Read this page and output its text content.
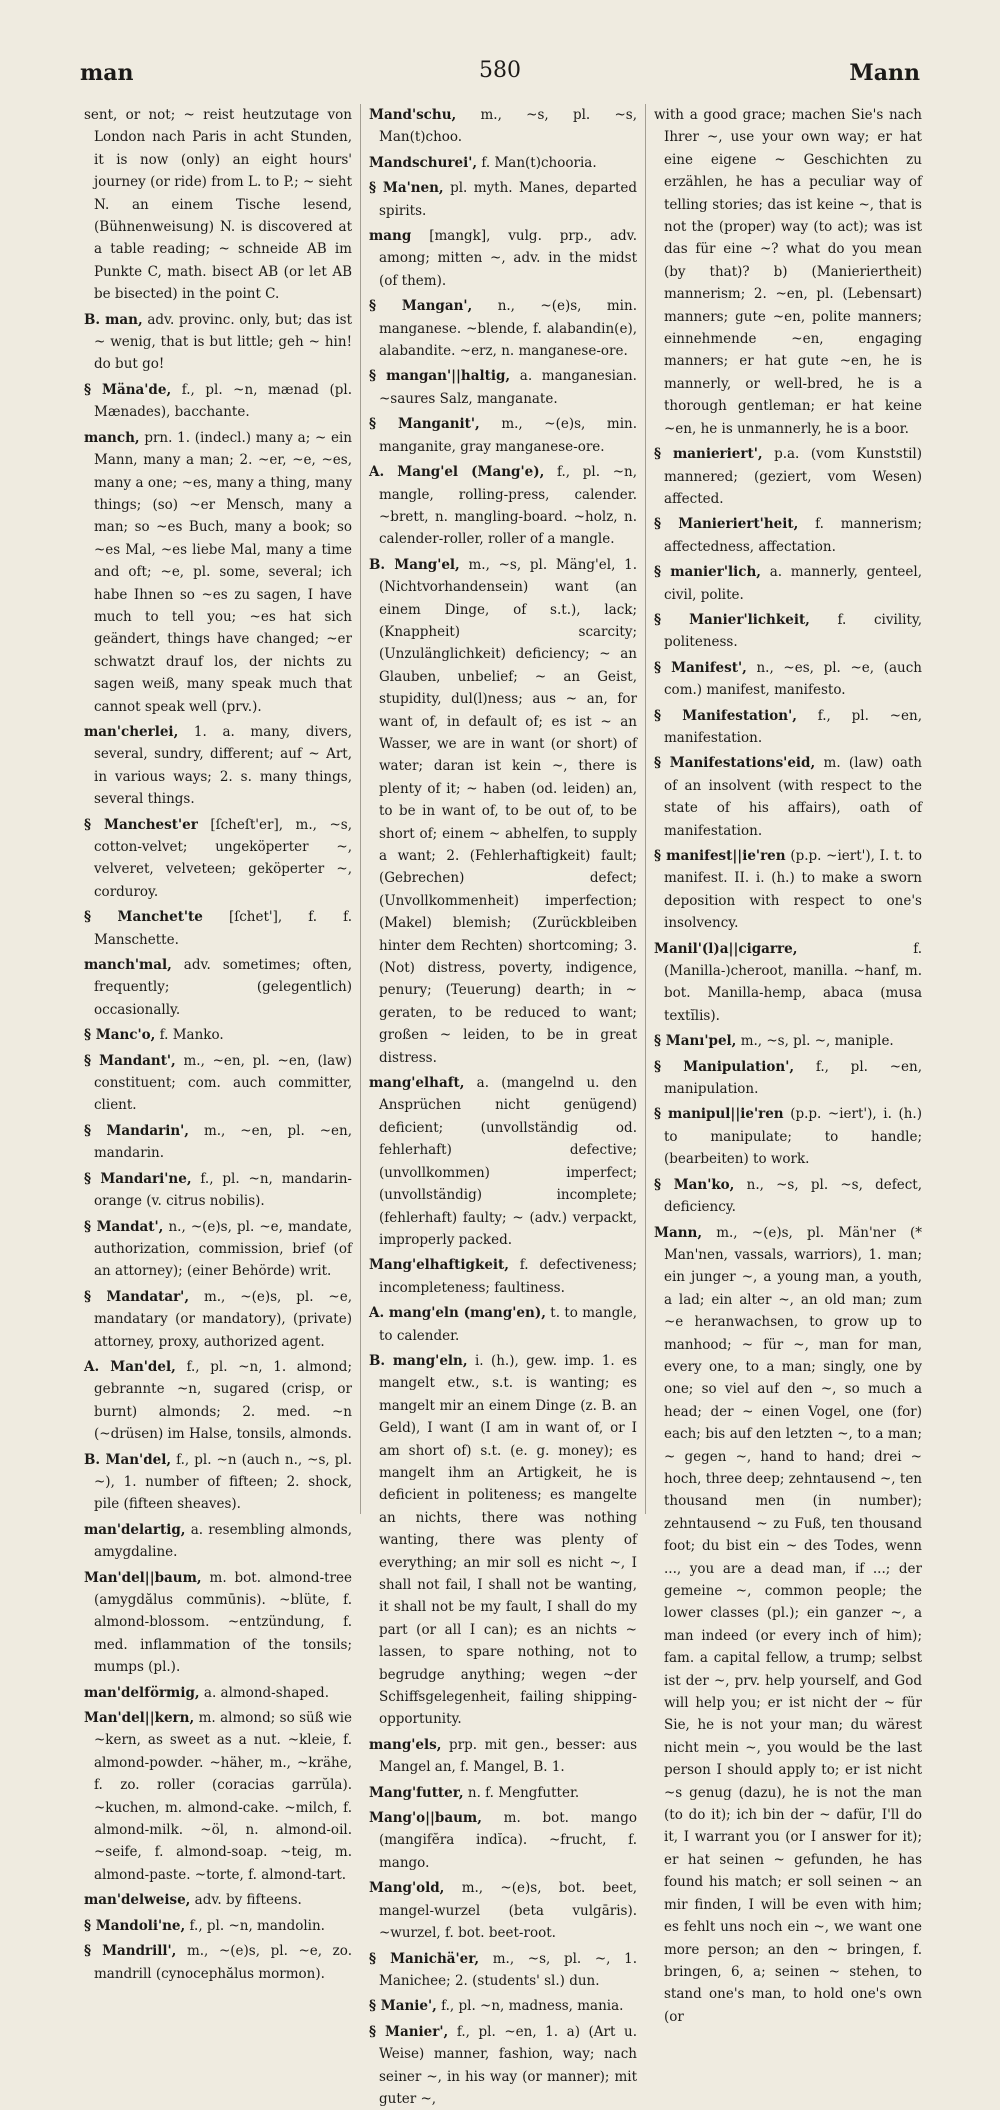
man	580	Mann

sent, or not; ~ reist heutzutage von London nach Paris in acht Stunden, it is now (only) an eight hours' journey (or ride) from L. to P.; ~ sieht N. an einem Tische lesend, (Bühnenweisung) N. is discovered at a table reading; ~ schneide AB im Punkte C, math. bisect AB (or let AB be bisected) in the point C.

B. man, adv. provinc. only, but; das ist ~ wenig, that is but little; geh ~ hin! do but go!

§ Mäna'de, f., pl. ~n, mænad (pl. Mænades), bacchante.

manch, prn. 1. (indecl.) many a; ~ ein Mann, many a man; 2. ~er, ~e, ~es, many a one; ~es, many a thing, many things; (so) ~er Mensch, many a man; so ~es Buch, many a book; so ~es Mal, ~es liebe Mal, many a time and oft; ~e, pl. some, several; ich habe Ihnen so ~es zu sagen, I have much to tell you; ~es hat sich geändert, things have changed; ~er schwatzt drauf los, der nichts zu sagen weiß, many speak much that cannot speak well (prv.).

man'cherlei, 1. a. many, divers, several, sundry, different; auf ~ Art, in various ways; 2. s. many things, several things.

§ Manchest'er [ſcheſt'er], m., ~s, cotton-velvet; ungeköperter ~, velveret, velveteen; geköperter ~, corduroy.

§ Manchet'te [ſchet'], f. f. Manschette.

manch'mal, adv. sometimes; often, frequently; (gelegentlich) occasionally.

§ Manc'o, f. Manko.

§ Mandant', m., ~en, pl. ~en, (law) constituent; com. auch committer, client.

§ Mandarin', m., ~en, pl. ~en, mandarin.

§ Mandari'ne, f., pl. ~n, mandarin-orange (v. citrus nobilis).

§ Mandat', n., ~(e)s, pl. ~e, mandate, authorization, commission, brief (of an attorney); (einer Behörde) writ.

§ Mandatar', m., ~(e)s, pl. ~e, mandatary (or mandatory), (private) attorney, proxy, authorized agent.

A. Man'del, f., pl. ~n, 1. almond; gebrannte ~n, sugared (crisp, or burnt) almonds; 2. med. ~n (~drüsen) im Halse, tonsils, almonds.

B. Man'del, f., pl. ~n (auch n., ~s, pl. ~), 1. number of fifteen; 2. shock, pile (fifteen sheaves).

man'delartig, a. resembling almonds, amygdaline.

Man'del||baum, m. bot. almond-tree (amygdălus commūnis). ~blüte, f. almond-blossom. ~entzündung, f. med. inflammation of the tonsils; mumps (pl.).

man'delförmig, a. almond-shaped.

Man'del||kern, m. almond; so süß wie ~kern, as sweet as a nut. ~kleie, f. almond-powder. ~häher, m., ~krähe, f. zo. roller (coracias garrŭla). ~kuchen, m. almond-cake. ~milch, f. almond-milk. ~öl, n. almond-oil. ~seife, f. almond-soap. ~teig, m. almond-paste. ~torte, f. almond-tart.

man'delweise, adv. by fifteens.

§ Mandoli'ne, f., pl. ~n, mandolin.

§ Mandrill', m., ~(e)s, pl. ~e, zo. mandrill (cynocephălus mormon).

Mand'schu, m., ~s, pl. ~s, Man(t)choo.

Mandschurei', f. Man(t)chooria.

§ Ma'nen, pl. myth. Manes, departed spirits.

mang [mangk], vulg. prp., adv. among; mitten ~, adv. in the midst (of them).

§ Mangan', n., ~(e)s, min. manganese. ~blende, f. alabandin(e), alabandite. ~erz, n. manganese-ore.

§ mangan'||haltig, a. manganesian. ~saures Salz, manganate.

§ Manganit', m., ~(e)s, min. manganite, gray manganese-ore.

A. Mang'el (Mang'e), f., pl. ~n, mangle, rolling-press, calender. ~brett, n. mangling-board. ~holz, n. calender-roller, roller of a mangle.

B. Mang'el, m., ~s, pl. Mäng'el, 1. (Nichtvorhandensein) want (an einem Dinge, of s.t.), lack; (Knappheit) scarcity; (Unzulänglichkeit) deficiency; ~ an Glauben, unbelief; ~ an Geist, stupidity, dul(l)ness; aus ~ an, for want of, in default of; es ist ~ an Wasser, we are in want (or short) of water; daran ist kein ~, there is plenty of it; ~ haben (od. leiden) an, to be in want of, to be out of, to be short of; einem ~ abhelfen, to supply a want; 2. (Fehlerhaftigkeit) fault; (Gebrechen) defect; (Unvollkommenheit) imperfection; (Makel) blemish; (Zurückbleiben hinter dem Rechten) shortcoming; 3. (Not) distress, poverty, indigence, penury; (Teuerung) dearth; in ~ geraten, to be reduced to want; großen ~ leiden, to be in great distress.

mang'elhaft, a. (mangelnd u. den Ansprüchen nicht genügend) deficient; (unvollständig od. fehlerhaft) defective; (unvollkommen) imperfect; (unvollständig) incomplete; (fehlerhaft) faulty; ~ (adv.) verpackt, improperly packed.

Mang'elhaftigkeit, f. defectiveness; incompleteness; faultiness.

A. mang'eln (mang'en), t. to mangle, to calender.

B. mang'eln, i. (h.), gew. imp. 1. es mangelt etw., s.t. is wanting; es mangelt mir an einem Dinge (z. B. an Geld), I want (I am in want of, or I am short of) s.t. (e. g. money); es mangelt ihm an Artigkeit, he is deficient in politeness; es mangelte an nichts, there was nothing wanting, there was plenty of everything; an mir soll es nicht ~, I shall not fail, I shall not be wanting, it shall not be my fault, I shall do my part (or all I can); es an nichts ~ lassen, to spare nothing, not to begrudge anything; wegen ~der Schiffsgelegenheit, failing shipping-opportunity.

mang'els, prp. mit gen., besser: aus Mangel an, f. Mangel, B. 1.

Mang'futter, n. f. Mengfutter.

Mang'o||baum, m. bot. mango (mangifĕra indĭca). ~frucht, f. mango.

Mang'old, m., ~(e)s, bot. beet, mangel-wurzel (beta vulgāris). ~wurzel, f. bot. beet-root.

§ Manichä'er, m., ~s, pl. ~, 1. Manichee; 2. (students' sl.) dun.

§ Manie', f., pl. ~n, madness, mania.

§ Manier', f., pl. ~en, 1. a) (Art u. Weise) manner, fashion, way; nach seiner ~, in his way (or manner); mit guter ~,

with a good grace; machen Sie's nach Ihrer ~, use your own way; er hat eine eigene ~ Geschichten zu erzählen, he has a peculiar way of telling stories; das ist keine ~, that is not the (proper) way (to act); was ist das für eine ~? what do you mean (by that)? b) (Manieriertheit) mannerism; 2. ~en, pl. (Lebensart) manners; gute ~en, polite manners; einnehmende ~en, engaging manners; er hat gute ~en, he is mannerly, or well-bred, he is a thorough gentleman; er hat keine ~en, he is unmannerly, he is a boor.

§ manieriert', p.a. (vom Kunststil) mannered; (geziert, vom Wesen) affected.

§ Manieriert'heit, f. mannerism; affectedness, affectation.

§ manier'lich, a. mannerly, genteel, civil, polite.

§ Manier'lichkeit, f. civility, politeness.

§ Manifest', n., ~es, pl. ~e, (auch com.) manifest, manifesto.

§ Manifestation', f., pl. ~en, manifestation.

§ Manifestations'eid, m. (law) oath of an insolvent (with respect to the state of his affairs), oath of manifestation.

§ manifest||ie'ren (p.p. ~iert'), I. t. to manifest. II. i. (h.) to make a sworn deposition with respect to one's insolvency.

Manil'(l)a||cigarre,	f. (Manilla-)cheroot, manilla. ~hanf, m. bot. Manilla-hemp, abaca (musa textĭlis).

§ Manı'pel, m., ~s, pl. ~, maniple.

§ Manipulation', f., pl. ~en, manipulation.

§ manipul||ie'ren (p.p. ~iert'), i. (h.) to manipulate; to handle; (bearbeiten) to work.

§ Man'ko, n., ~s, pl. ~s, defect, deficiency.

Mann, m., ~(e)s, pl. Män'ner (* Man'nen, vassals, warriors), 1. man; ein junger ~, a young man, a youth, a lad; ein alter ~, an old man; zum ~e heranwachsen, to grow up to manhood; ~ für ~, man for man, every one, to a man; singly, one by one; so viel auf den ~, so much a head; der ~ einen Vogel, one (for) each; bis auf den letzten ~, to a man; ~ gegen ~, hand to hand; drei ~ hoch, three deep; zehntausend ~, ten thousand men (in number); zehntausend ~ zu Fuß, ten thousand foot; du bist ein ~ des Todes, wenn ..., you are a dead man, if ...; der gemeine ~, common people; the lower classes (pl.); ein ganzer ~, a man indeed (or every inch of him); fam. a capital fellow, a trump; selbst ist der ~, prv. help yourself, and God will help you; er ist nicht der ~ für Sie, he is not your man; du wärest nicht mein ~, you would be the last person I should apply to; er ist nicht ~s genug (dazu), he is not the man (to do it); ich bin der ~ dafür, I'll do it, I warrant you (or I answer for it); er hat seinen ~ gefunden, he has found his match; er soll seinen ~ an mir finden, I will be even with him; es fehlt uns noch ein ~, we want one more person; an den ~ bringen, f. bringen, 6, a; seinen ~ stehen, to stand one's man, to hold one's own (or
